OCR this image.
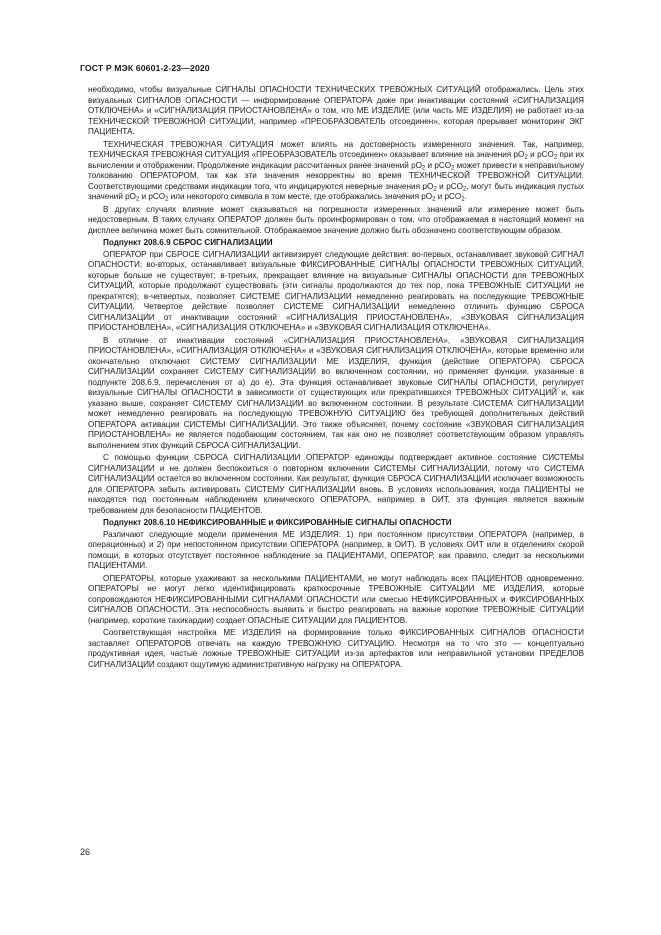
ГОСТ Р МЭК 60601-2-23—2020

необходимо, чтобы визуальные СИГНАЛЫ ОПАСНОСТИ ТЕХНИЧЕСКИХ ТРЕВОЖНЫХ СИТУАЦИЙ отображались. Цель этих визуальных СИГНАЛОВ ОПАСНОСТИ — информирование ОПЕРАТОРА даже при инактивации состояний «СИГНАЛИЗАЦИЯ ОТКЛЮЧЕНА» и «СИГНАЛИЗАЦИЯ ПРИОСТАНОВЛЕНА» о том, что МЕ ИЗДЕЛИЕ (или часть МЕ ИЗДЕЛИЯ) не работает из-за ТЕХНИЧЕСКОЙ ТРЕВОЖНОЙ СИТУАЦИИ, например «ПРЕОБРАЗОВАТЕЛЬ отсоединен», которая прерывает мониторинг ЭКГ ПАЦИЕНТА.

ТЕХНИЧЕСКАЯ ТРЕВОЖНАЯ СИТУАЦИЯ может влиять на достоверность измеренного значения. Так, например, ТЕХНИЧЕСКАЯ ТРЕВОЖНАЯ СИТУАЦИЯ «ПРЕОБРАЗОВАТЕЛЬ отсоединен» оказывает влияние на значения $pO_2$ и pCO$_2$ при их вычислении и отображении. Продолжение индикации рассчитанных ранее значений $pO_2$ и pCO$_2$ может привести к неправильному толкованию ОПЕРАТОРОМ, так как эти значения некорректны во время ТЕХНИЧЕСКОЙ ТРЕВОЖНОЙ СИТУАЦИИ. Соответствующими средствами индикации того, что индицируются неверные значения $pO_2$ и pCO$_2$, могут быть индикация пустых значений $pO_2$ и pCO$_2$ или некоторого символа в том месте, где отображались значения $pO_2$ и pCO$_2$.

В других случаях влияние может сказываться на погрешности измеренных значений или измерение может быть недостоверным. В таких случаях ОПЕРАТОР должен быть проинформирован о том, что отображаемая в настоящий момент на дисплее величина может быть сомнительной. Отображаемое значение должно быть обозначено соответствующим образом.

Подпункт 208.6.9 СБРОС СИГНАЛИЗАЦИИ

ОПЕРАТОР при СБРОСЕ СИГНАЛИЗАЦИИ активизирует следующие действия: во-первых, останавливает звуковой СИГНАЛ ОПАСНОСТИ; во-вторых, останавливает визуальные ФИКСИРОВАННЫЕ СИГНАЛЫ ОПАСНОСТИ ТРЕВОЖНЫХ СИТУАЦИЙ, которые больше не существует; в-третьих, прекращает влияние на визуальные СИГНАЛЫ ОПАСНОСТИ для ТРЕВОЖНЫХ СИТУАЦИЙ, которые продолжают существовать (эти сигналы продолжаются до тех пор, пока ТРЕВОЖНЫЕ СИТУАЦИИ не прекратятся); в-четвертых, позволяет СИСТЕМЕ СИГНАЛИЗАЦИИ немедленно реагировать на последующие ТРЕВОЖНЫЕ СИТУАЦИИ. Четвертое действие позволяет СИСТЕМЕ СИГНАЛИЗАЦИИ немедленно отличить функцию СБРОСА СИГНАЛИЗАЦИИ от инактивации состояний «СИГНАЛИЗАЦИЯ ПРИОСТАНОВЛЕНА», «ЗВУКОВАЯ СИГНАЛИЗАЦИЯ ПРИОСТАНОВЛЕНА», «СИГНАЛИЗАЦИЯ ОТКЛЮЧЕНА» и «ЗВУКОВАЯ СИГНАЛИЗАЦИЯ ОТКЛЮЧЕНА».

В отличие от инактивации состояний «СИГНАЛИЗАЦИЯ ПРИОСТАНОВЛЕНА», «ЗВУКОВАЯ СИГНАЛИЗАЦИЯ ПРИОСТАНОВЛЕНА», «СИГНАЛИЗАЦИЯ ОТКЛЮЧЕНА» и «ЗВУКОВАЯ СИГНАЛИЗАЦИЯ ОТКЛЮЧЕНА», которые временно или окончательно отключают СИСТЕМУ СИГНАЛИЗАЦИИ МЕ ИЗДЕЛИЯ, функция (действие ОПЕРАТОРА) СБРОСА СИГНАЛИЗАЦИИ сохраняет СИСТЕМУ СИГНАЛИЗАЦИИ во включенном состоянии, но применяет функции, указанные в подпункте 208.6.9, перечисления от а) до е). Эта функция останавливает звуковые СИГНАЛЫ ОПАСНОСТИ, регулирует визуальные СИГНАЛЫ ОПАСНОСТИ в зависимости от существующих или прекратившихся ТРЕВОЖНЫХ СИТУАЦИЙ и, как указано выше, сохраняет СИСТЕМУ СИГНАЛИЗАЦИИ во включенном состоянии. В результате СИСТЕМА СИГНАЛИЗАЦИИ может немедленно реагировать на последующую ТРЕВОЖНУЮ СИТУАЦИЮ без требующей дополнительных действий ОПЕРАТОРА активации СИСТЕМЫ СИГНАЛИЗАЦИИ. Это также объясняет, почему состояние «ЗВУКОВАЯ СИГНАЛИЗАЦИЯ ПРИОСТАНОВЛЕНА» не является подобающим состоянием, так как оно не позволяет соответствующим образом управлять выполнением этих функций СБРОСА СИГНАЛИЗАЦИИ.

С помощью функции СБРОСА СИГНАЛИЗАЦИИ ОПЕРАТОР единожды подтверждает активное состояние СИСТЕМЫ СИГНАЛИЗАЦИИ и не должен беспокоиться о повторном включении СИСТЕМЫ СИГНАЛИЗАЦИИ, потому что СИСТЕМА СИГНАЛИЗАЦИИ остается во включенном состоянии. Как результат, функция СБРОСА СИГНАЛИЗАЦИИ исключает возможность для ОПЕРАТОРА забыть активировать СИСТЕМУ СИГНАЛИЗАЦИИ вновь. В условиях использования, когда ПАЦИЕНТЫ не находятся под постоянным наблюдением клинического ОПЕРАТОРА, например в ОИТ, эта функция является важным требованием для безопасности ПАЦИЕНТОВ.

Подпункт 208.6.10 НЕФИКСИРОВАННЫЕ и ФИКСИРОВАННЫЕ СИГНАЛЫ ОПАСНОСТИ

Различают следующие модели применения МЕ ИЗДЕЛИЯ: 1) при постоянном присутствии ОПЕРАТОРА (например, в операционных) и 2) при непостоянном присутствии ОПЕРАТОРА (например, в ОИТ). В условиях ОИТ или в отделениях скорой помощи, в которых отсутствует постоянное наблюдение за ПАЦИЕНТАМИ, ОПЕРАТОР, как правило, следит за несколькими ПАЦИЕНТАМИ.

ОПЕРАТОРЫ, которые ухаживают за несколькими ПАЦИЕНТАМИ, не могут наблюдать всех ПАЦИЕНТОВ одновременно. ОПЕРАТОРЫ не могут легко идентифицировать краткосрочные ТРЕВОЖНЫЕ СИТУАЦИИ МЕ ИЗДЕЛИЯ, которые сопровождаются НЕФИКСИРОВАННЫМИ СИГНАЛАМИ ОПАСНОСТИ или смесью НЕФИКСИРОВАННЫХ и ФИКСИРОВАННЫХ СИГНАЛОВ ОПАСНОСТИ. Эта неспособность выявить и быстро реагировать на важные короткие ТРЕВОЖНЫЕ СИТУАЦИИ (например, короткие тахикардии) создает ОПАСНЫЕ СИТУАЦИИ для ПАЦИЕНТОВ.

Соответствующая настройка МЕ ИЗДЕЛИЯ на формирование только ФИКСИРОВАННЫХ СИГНАЛОВ ОПАСНОСТИ заставляет ОПЕРАТОРОВ отвечать на каждую ТРЕВОЖНУЮ СИТУАЦИЮ. Несмотря на то что это — концептуально продуктивная идея, частые ложные ТРЕВОЖНЫЕ СИТУАЦИИ из-за артефактов или неправильной установки ПРЕДЕЛОВ СИГНАЛИЗАЦИИ создают ощутимую административную нагрузку на ОПЕРАТОРА.

26
